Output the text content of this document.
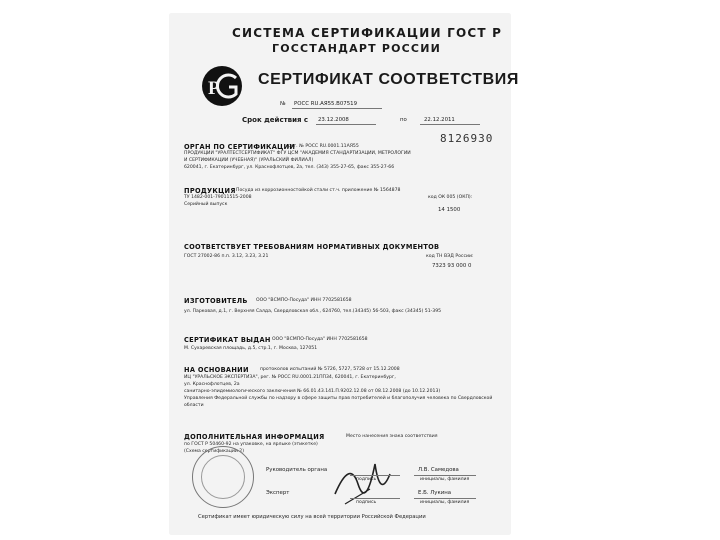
СИСТЕМА СЕРТИФИКАЦИИ ГОСТ Р
ГОССТАНДАРТ РОССИИ
P СЕРТИФИКАТ СООТВЕТСТВИЯ
№ РОСС RU.AЯ55.B07519
Срок действия с 23.12.2008	по	22.12.2011
8126930
ОРГАН ПО СЕРТИФИКАЦИИ
рег. № РОСС RU.0001.11AЯ55
ПРОДУКЦИИ "УРАЛТЕСТСЕРТИФИКАТ" ФГУ ЦСМ "АКАДЕМИЯ СТАНДАРТИЗАЦИИ, МЕТРОЛОГИИ
И СЕРТИФИКАЦИИ (УЧЕБНАЯ)" (УРАЛЬСКИЙ ФИЛИАЛ)
620041, г. Екатеринбург, ул. Краснофлотцев, 2а, тел. (343) 355-27-65, факс 355-27-66
ПРОДУКЦИЯ Посуда из коррозионностойкой стали ст.ч. приложение № 1564878
ТУ 1482-001-79011515-2008
Серийный выпуск
код ОК 005 (ОКП):
14 1500
СООТВЕТСТВУЕТ ТРЕБОВАНИЯМ НОРМАТИВНЫХ ДОКУМЕНТОВ
ГОСТ 27002-86 п.п. 3.12, 3.23, 3.21	код ТН ВЭД России:
7323 93 000 0
ИЗГОТОВИТЕЛЬ ООО "ВСМПО-Посуда" ИНН 7702581658
ул. Парковая, д.1, г. Верхняя Салда, Свердловская обл., 624760, тел.(34345) 56-503, факс (34345) 51-395
СЕРТИФИКАТ ВЫДАН ООО "ВСМПО-Посуда" ИНН 7702581658
М. Сухаревская площадь, д.5, стр.1, г. Москва, 127051
НА ОСНОВАНИИ протоколов испытаний № 5726, 5727, 5728 от 15.12.2008
ИЦ "УРАЛЬСКОЕ ЭКСПЕРТИЗА", рег. № РОСС RU.0001.21ПП34, 620041, г. Екатеринбург,
ул. Краснофлотцев, 2а
санитарно-эпидемиологического заключения № 66.01.43.141.П.9202.12.08 от 08.12.2008 (до 10.12.2013)
Управления Федеральной службы по надзору в сфере защиты прав потребителей и благополучия человека по Свердловской
области
ДОПОЛНИТЕЛЬНАЯ ИНФОРМАЦИЯ	Место нанесения знака соответствия
по ГОСТ Р 50460-92 на упаковке, на ярлыке (этикетке)
(Схема сертификации 2)
Руководитель органа
подпись
Л.В. Самедова
инициалы, фамилия
Эксперт
подпись
Е.Б. Лукина
инициалы, фамилия
Сертификат имеет юридическую силу на всей территории Российской Федерации
